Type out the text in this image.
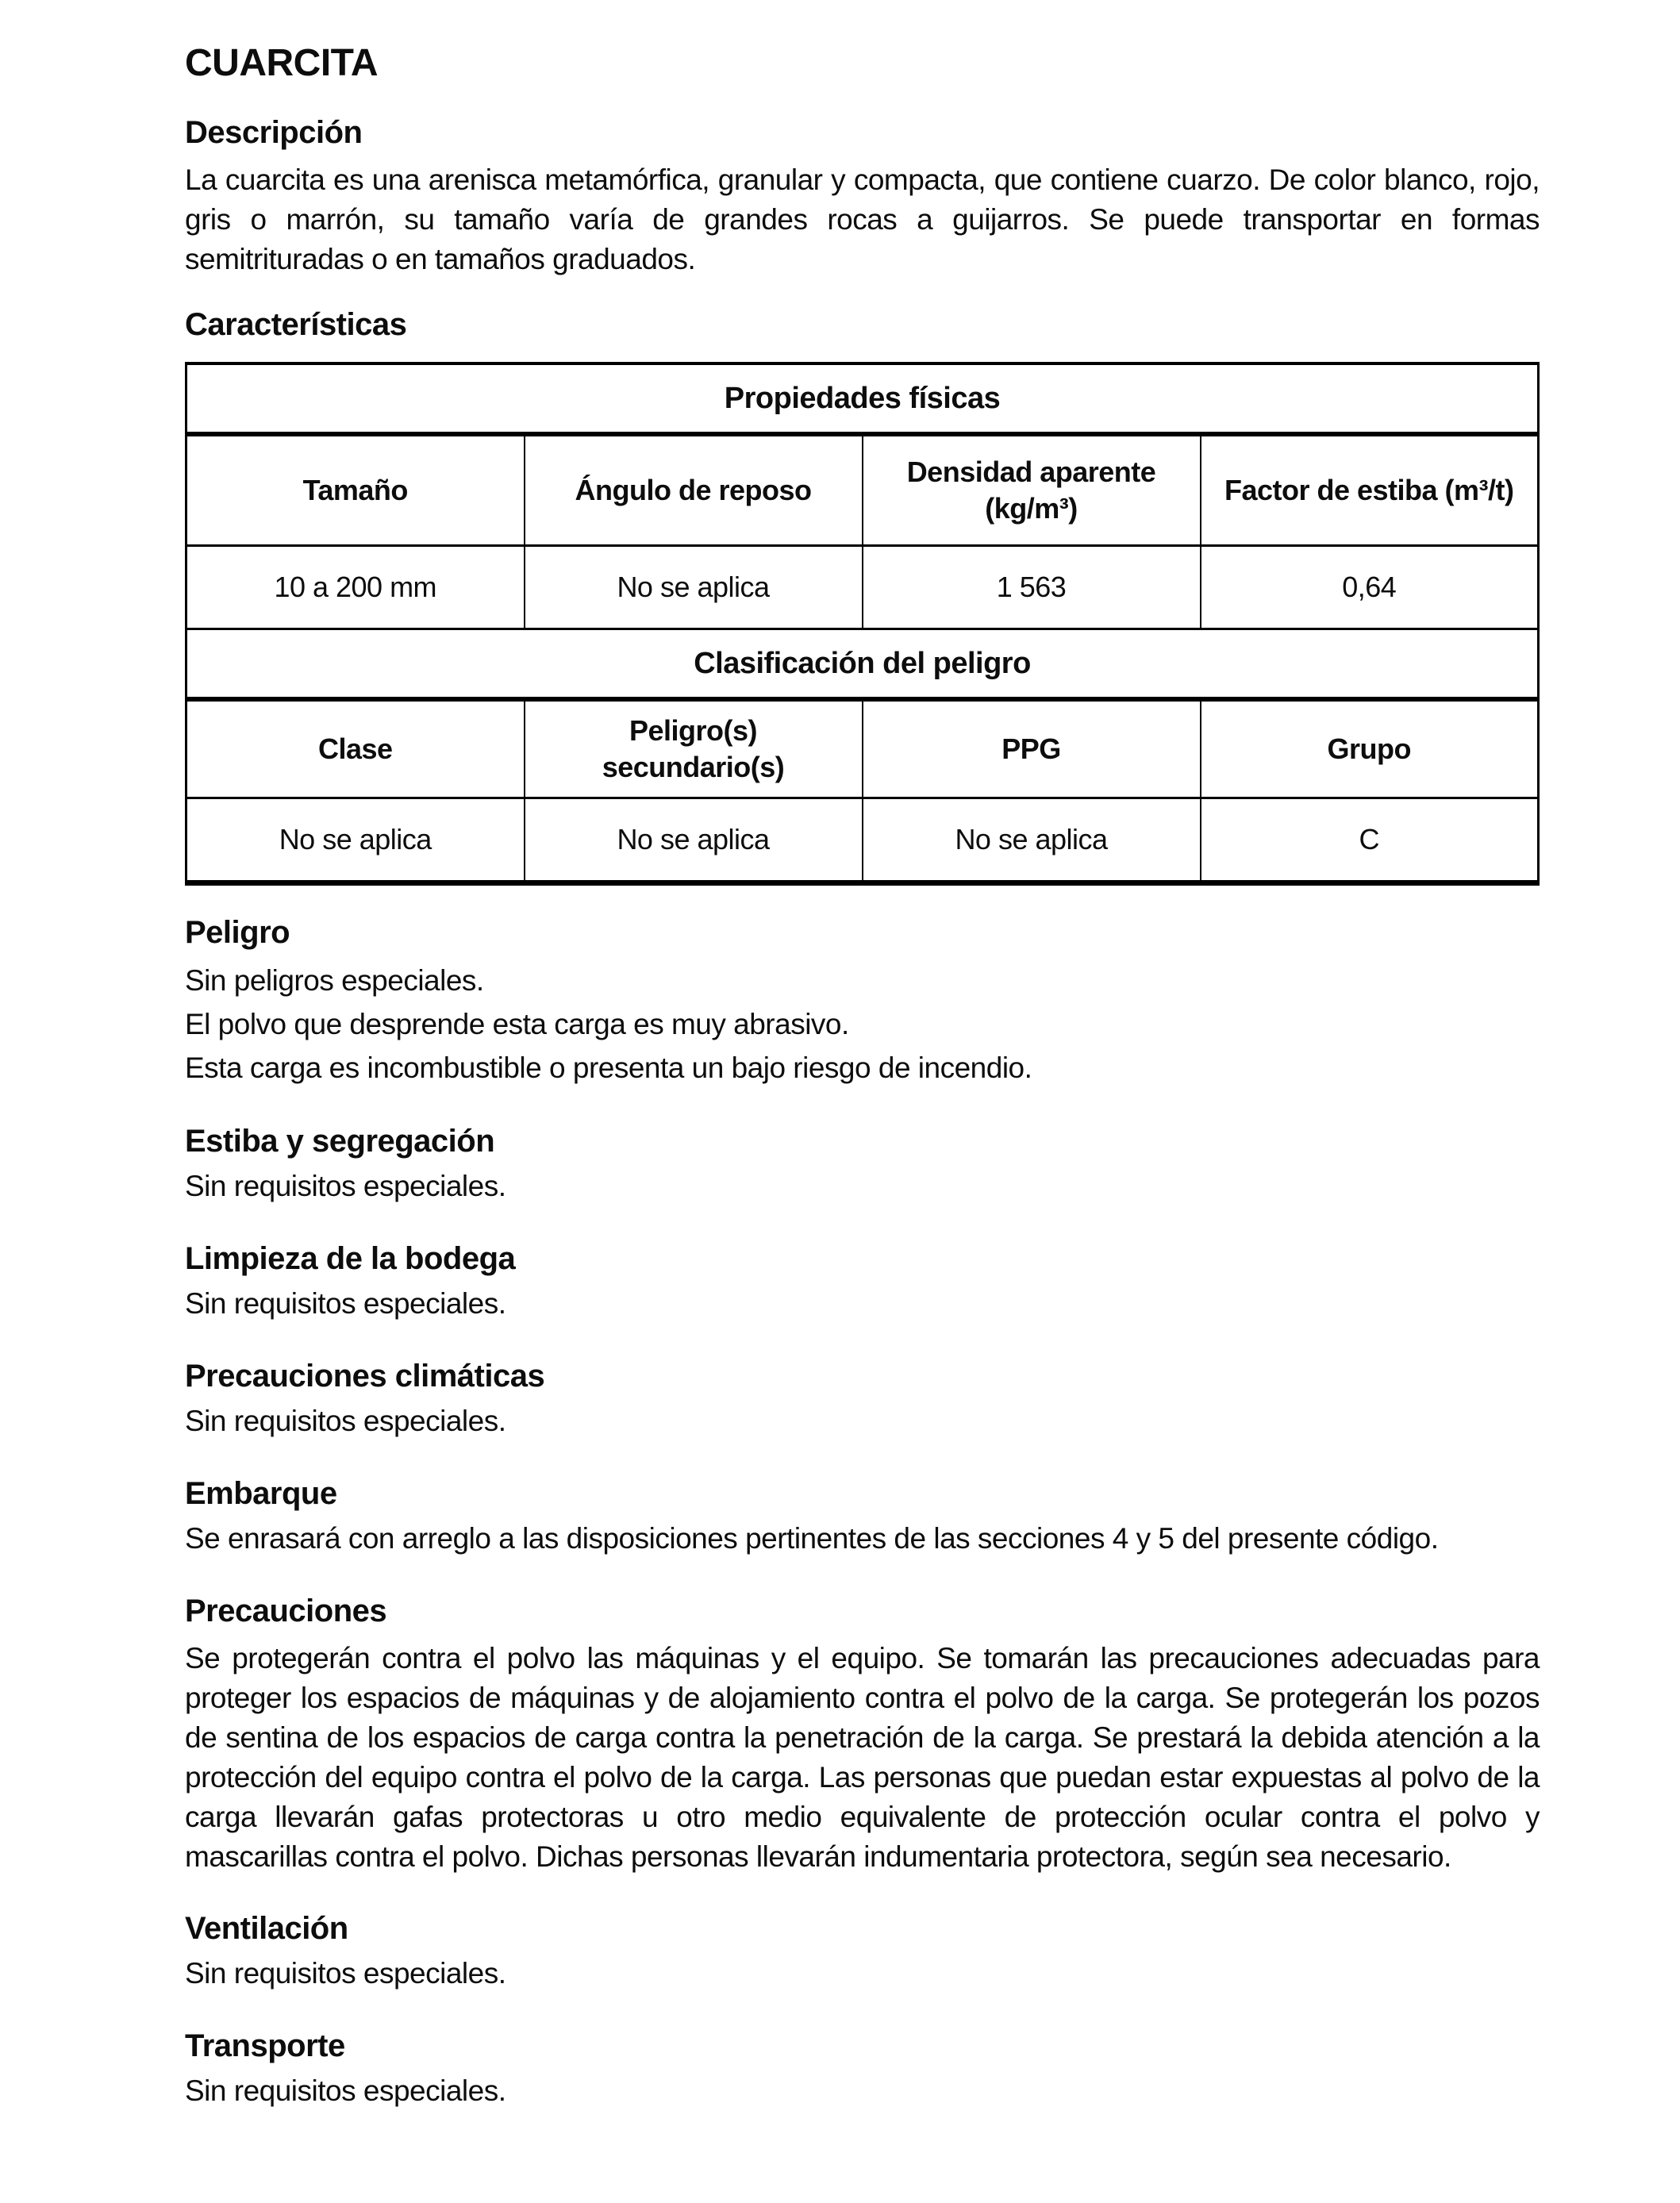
CUARCITA
Descripción

La cuarcita es una arenisca metamórfica, granular y compacta, que contiene cuarzo. De color blanco, rojo, gris o marrón, su tamaño varía de grandes rocas a guijarros. Se puede transportar en formas semitrituradas o en tamaños graduados.

Características
Propiedades físicas			
Tamaño	Ángulo de reposo	Densidad aparente (kg/m³)	Factor de estiba (m³/t)
10 a 200 mm	No se aplica	1 563	0,64
Clasificación del peligro			
Clase	Peligro(s) secundario(s)	PPG	Grupo
No se aplica	No se aplica	No se aplica	C
Peligro
Sin peligros especiales.
El polvo que desprende esta carga es muy abrasivo.
Esta carga es incombustible o presenta un bajo riesgo de incendio.
Estiba y segregación

Sin requisitos especiales.

Limpieza de la bodega

Sin requisitos especiales.

Precauciones climáticas

Sin requisitos especiales.

Embarque

Se enrasará con arreglo a las disposiciones pertinentes de las secciones 4 y 5 del presente código.

Precauciones

Se protegerán contra el polvo las máquinas y el equipo. Se tomarán las precauciones adecuadas para proteger los espacios de máquinas y de alojamiento contra el polvo de la carga. Se protegerán los pozos de sentina de los espacios de carga contra la penetración de la carga. Se prestará la debida atención a la protección del equipo contra el polvo de la carga. Las personas que puedan estar expuestas al polvo de la carga llevarán gafas protectoras u otro medio equivalente de protección ocular contra el polvo y mascarillas contra el polvo. Dichas personas llevarán indumentaria protectora, según sea necesario.

Ventilación

Sin requisitos especiales.

Transporte

Sin requisitos especiales.
